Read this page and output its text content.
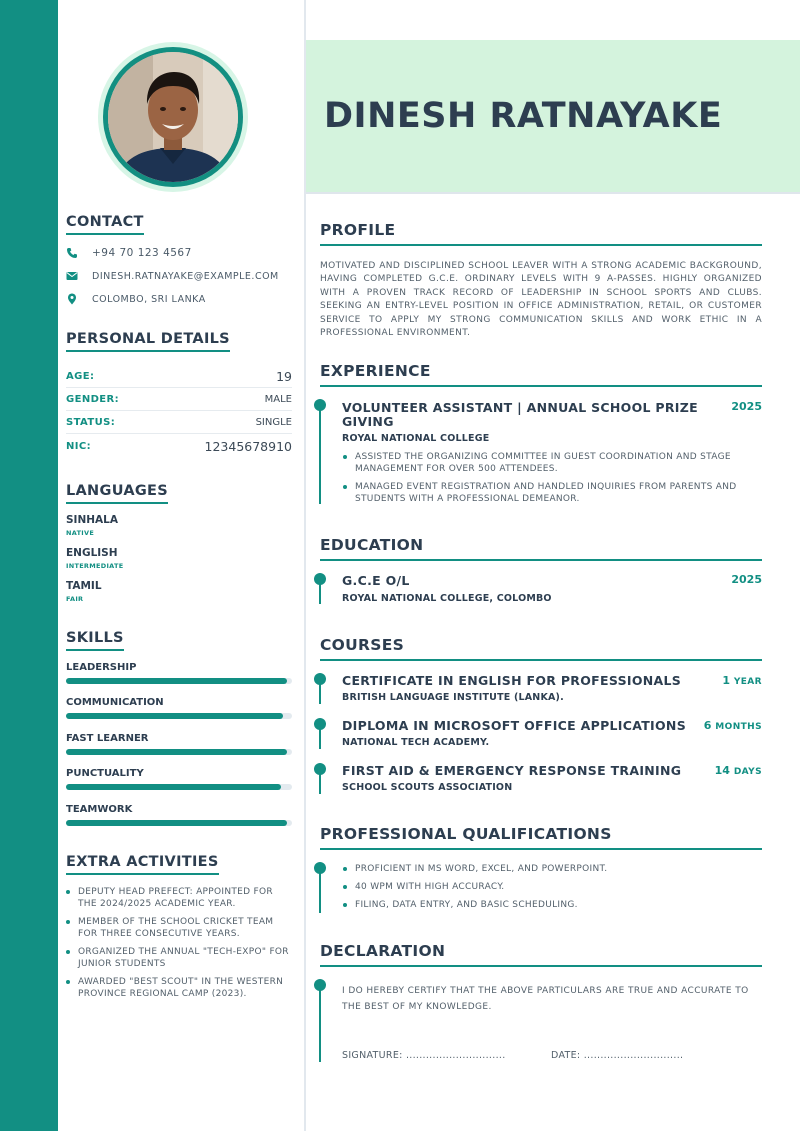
DINESH RATNAYAKE
CONTACT
+94 70 123 4567
DINESH.RATNAYAKE@EXAMPLE.COM
COLOMBO, SRI LANKA
PERSONAL DETAILS
AGE:	19
GENDER:	MALE
STATUS:	SINGLE
NIC:	12345678910
LANGUAGES
SINHALA
NATIVE
ENGLISH
INTERMEDIATE
TAMIL
FAIR
SKILLS
LEADERSHIP
COMMUNICATION
FAST LEARNER
PUNCTUALITY
TEAMWORK
EXTRA ACTIVITIES
DEPUTY HEAD PREFECT: APPOINTED FOR THE 2024/2025 ACADEMIC YEAR.
MEMBER OF THE SCHOOL CRICKET TEAM FOR THREE CONSECUTIVE YEARS.
ORGANIZED THE ANNUAL "TECH-EXPO" FOR JUNIOR STUDENTS
AWARDED "BEST SCOUT" IN THE WESTERN PROVINCE REGIONAL CAMP (2023).
PROFILE

MOTIVATED AND DISCIPLINED SCHOOL LEAVER WITH A STRONG ACADEMIC BACKGROUND, HAVING COMPLETED G.C.E. ORDINARY LEVELS WITH 9 A-PASSES. HIGHLY ORGANIZED WITH A PROVEN TRACK RECORD OF LEADERSHIP IN SCHOOL SPORTS AND CLUBS. SEEKING AN ENTRY-LEVEL POSITION IN OFFICE ADMINISTRATION, RETAIL, OR CUSTOMER SERVICE TO APPLY MY STRONG COMMUNICATION SKILLS AND WORK ETHIC IN A PROFESSIONAL ENVIRONMENT.

EXPERIENCE
VOLUNTEER ASSISTANT | ANNUAL SCHOOL PRIZE GIVING
2025
ROYAL NATIONAL COLLEGE
ASSISTED THE ORGANIZING COMMITTEE IN GUEST COORDINATION AND STAGE MANAGEMENT FOR OVER 500 ATTENDEES.
MANAGED EVENT REGISTRATION AND HANDLED INQUIRIES FROM PARENTS AND STUDENTS WITH A PROFESSIONAL DEMEANOR.
EDUCATION
G.C.E O/L	2025
ROYAL NATIONAL COLLEGE, COLOMBO
COURSES
CERTIFICATE IN ENGLISH FOR PROFESSIONALS	1 YEAR
BRITISH LANGUAGE INSTITUTE (LANKA).
DIPLOMA IN MICROSOFT OFFICE APPLICATIONS 6 MONTHS
NATIONAL TECH ACADEMY.
FIRST AID & EMERGENCY RESPONSE TRAINING	14 DAYS
SCHOOL SCOUTS ASSOCIATION
PROFESSIONAL QUALIFICATIONS
PROFICIENT IN MS WORD, EXCEL, AND POWERPOINT.
40 WPM WITH HIGH ACCURACY.
FILING, DATA ENTRY, AND BASIC SCHEDULING.
DECLARATION

I DO HEREBY CERTIFY THAT THE ABOVE PARTICULARS ARE TRUE AND ACCURATE TO THE BEST OF MY KNOWLEDGE.

SIGNATURE: ..............................	DATE: ..............................
